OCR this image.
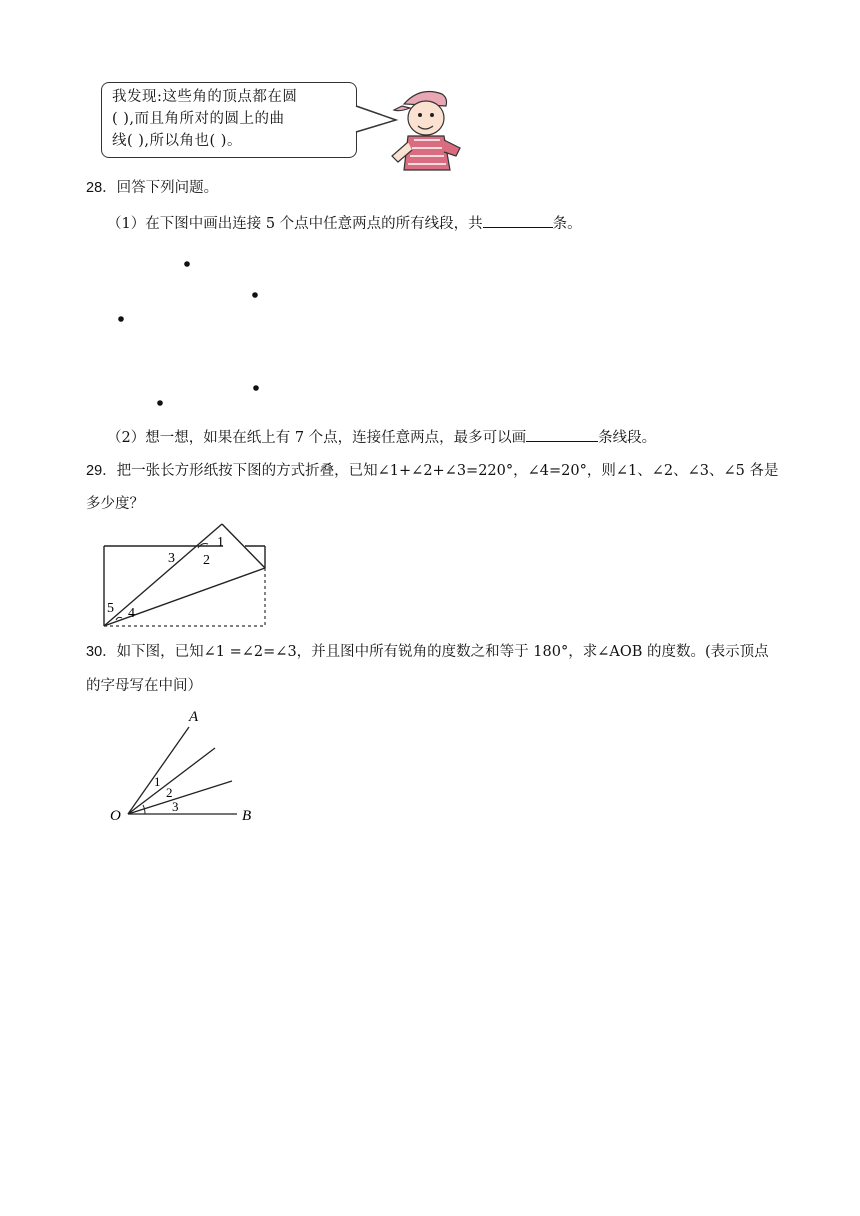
我发现:这些角的顶点都在圆
( ),而且角所对的圆上的曲
线( ),所以角也( )。
28．回答下列问题。
（1）在下图中画出连接 5 个点中任意两点的所有线段，共	条。
（2）想一想，如果在纸上有 7 个点，连接任意两点，最多可以画	条线段。
29．把一张长方形纸按下图的方式折叠，已知∠1+∠2+∠3=220°，∠4=20°，则∠1、∠2、∠3、∠5 各是
多少度？
1
2
3
4
5
30．如下图，已知∠1 =∠2=∠3，并且图中所有锐角的度数之和等于 180°，求∠AOB 的度数。(表示顶点
的字母写在中间）
A
O	B
1
2
3
